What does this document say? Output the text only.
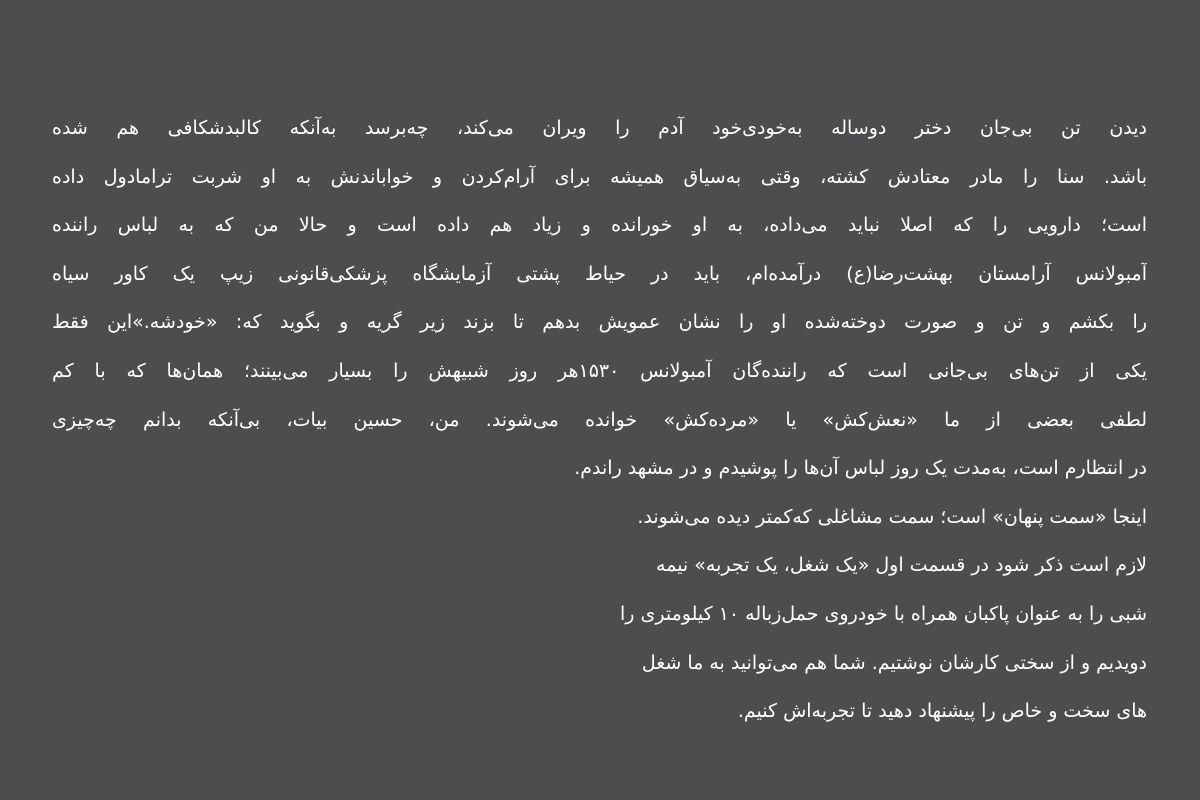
دیدن تن بی‌جان دختر دوساله به‌خودی‌خود آدم را ویران می‌کند، چه‌برسد به‌آنکه کالبدشکافی هم شده
باشد. سنا را مادر معتادش کشته، وقتی به‌سیاق همیشه برای آرام‌کردن و خواباندنش به او شربت ترامادول داده
است؛ دارویی را که اصلا نباید می‌داده، به او خورانده و زیاد هم داده است و حالا من که به لباس راننده
آمبولانس آرامستان بهشت‌رضا(ع) درآمده‌ام، باید در حیاط پشتی آزمایشگاه پزشکی‌قانونی زیپ یک کاور سیاه
را بکشم و تن و صورت دوخته‌شده او را نشان عمویش بدهم تا بزند زیر گریه و بگوید که: «خودشه.»این فقط
یکی از تن‌های بی‌جانی است که راننده‌گان آمبولانس ۱۵۳۰هر روز شبیهش را بسیار می‌بینند؛ همان‌ها که با کم
لطفی بعضی از ما «نعش‌کش» یا «مرده‌کش» خوانده می‌شوند. من، حسین بیات، بی‌آنکه بدانم چه‌چیزی
در انتظارم است، به‌مدت یک روز لباس آن‌ها را پوشیدم و در مشهد راندم.
اینجا «سمت پنهان» است؛ سمت مشاغلی که‌کمتر دیده می‌شوند.
لازم است ذکر شود در قسمت اول «یک شغل، یک تجربه» نیمه
شبی را به عنوان پاکبان همراه با خودروی حمل‌زباله ۱۰ کیلومتری را
دویدیم و از سختی کارشان نوشتیم. شما هم می‌توانید به ما شغل
های سخت و خاص را پیشنهاد دهید تا تجربه‌اش کنیم.
